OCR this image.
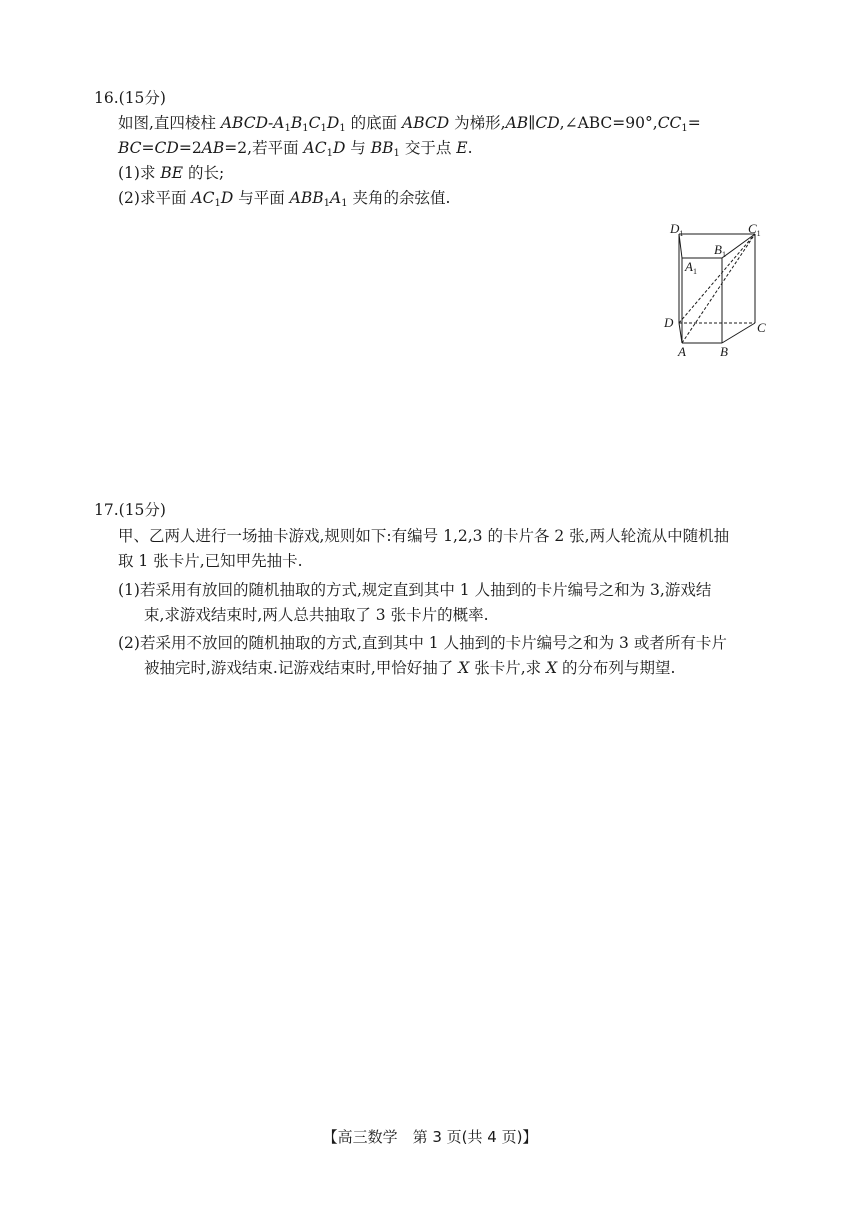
16.(15分)
如图,直四棱柱 ABCD-$A_1B_1C_1D_1$ 的底面 ABCD 为梯形$,AB\parallel CD,\angle ABC=90^\circ,CC_1=$
BC=CD=2AB=2,若平面 $AC_1D$ 与 $BB_1$ 交于点 E.
(1)求 BE 的长;
(2)求平面 $AC_1D$ 与平面 $ABB_1A_1$ 夹角的余弦值.
$D_1$	$C_1$
$B_1$
$A_1$
D	C
A	B
17.(15分)
甲、乙两人进行一场抽卡游戏,规则如下:有编号 1,2,3 的卡片各 2 张,两人轮流从中随机抽
取 1 张卡片,已知甲先抽卡.
(1)若采用有放回的随机抽取的方式,规定直到其中 1 人抽到的卡片编号之和为 3,游戏结
束,求游戏结束时,两人总共抽取了 3 张卡片的概率.
(2)若采用不放回的随机抽取的方式,直到其中 1 人抽到的卡片编号之和为 3 或者所有卡片
被抽完时,游戏结束.记游戏结束时,甲恰好抽了 X 张卡片,求 X 的分布列与期望.
【高三数学　第 3 页(共 4 页)】
